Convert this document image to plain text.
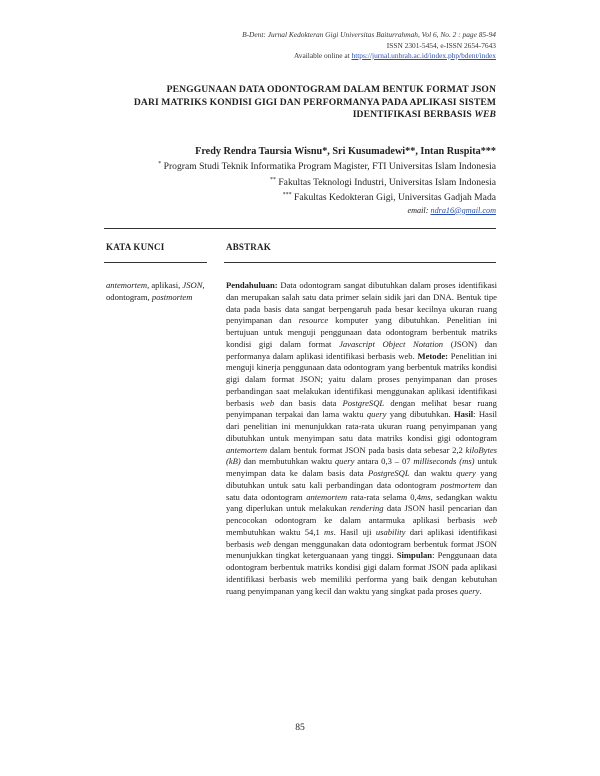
B-Dent: Jurnal Kedokteran Gigi Universitas Baiturrahmah, Vol 6, No. 2 : page 85-94
ISSN 2301-5454, e-ISSN 2654-7643
Available online at https://jurnal.unbrah.ac.id/index.php/bdent/index
PENGGUNAAN DATA ODONTOGRAM DALAM BENTUK FORMAT JSON
DARI MATRIKS KONDISI GIGI DAN PERFORMANYA PADA APLIKASI SISTEM
IDENTIFIKASI BERBASIS WEB
Fredy Rendra Taursia Wisnu*, Sri Kusumadewi**, Intan Ruspita***
* Program Studi Teknik Informatika Program Magister, FTI Universitas Islam Indonesia
** Fakultas Teknologi Industri, Universitas Islam Indonesia
*** Fakultas Kedokteran Gigi, Universitas Gadjah Mada
email: ndra16@gmail.com
KATA KUNCI	ABSTRAK
antemortem, aplikasi, JSON, odontogram, postmortem
Pendahuluan: Data odontogram sangat dibutuhkan dalam proses identifikasi dan merupakan salah satu data primer selain sidik jari dan DNA. Bentuk tipe data pada basis data sangat berpengaruh pada besar kecilnya ukuran ruang penyimpanan dan resource komputer yang dibutuhkan. Penelitian ini bertujuan untuk menguji penggunaan data odontogram berbentuk matriks kondisi gigi dalam format Javascript Object Notation (JSON) dan performanya dalam aplikasi identifikasi berbasis web. Metode: Penelitian ini menguji kinerja penggunaan data odontogram yang berbentuk matriks kondisi gigi dalam format JSON; yaitu dalam proses penyimpanan dan proses perbandingan saat melakukan identifikasi menggunakan aplikasi identifikasi berbasis web dan basis data PostgreSQL dengan melihat besar ruang penyimpanan terpakai dan lama waktu query yang dibutuhkan. Hasil: Hasil dari penelitian ini menunjukkan rata-rata ukuran ruang penyimpanan yang dibutuhkan untuk menyimpan satu data matriks kondisi gigi odontogram antemortem dalam bentuk format JSON pada basis data sebesar 2,2 kiloBytes (kB) dan membutuhkan waktu query antara 0,3 – 07 milliseconds (ms) untuk menyimpan data ke dalam basis data PostgreSQL dan waktu query yang dibutuhkan untuk satu kali perbandingan data odontogram postmortem dan satu data odontogram antemortem rata-rata selama 0,4ms, sedangkan waktu yang diperlukan untuk melakukan rendering data JSON hasil pencarian dan pencocokan odontogram ke dalam antarmuka aplikasi berbasis web membutuhkan waktu 54,1 ms. Hasil uji usability dari aplikasi identifikasi berbasis web dengan menggunakan data odontogram berbentuk format JSON menunjukkan tingkat keterguanaan yang tinggi. Simpulan: Penggunaan data odontogram berbentuk matriks kondisi gigi dalam format JSON pada aplikasi identifikasi berbasis web memiliki performa yang baik dengan kebutuhan ruang penyimpanan yang kecil dan waktu yang singkat pada proses query.
85
